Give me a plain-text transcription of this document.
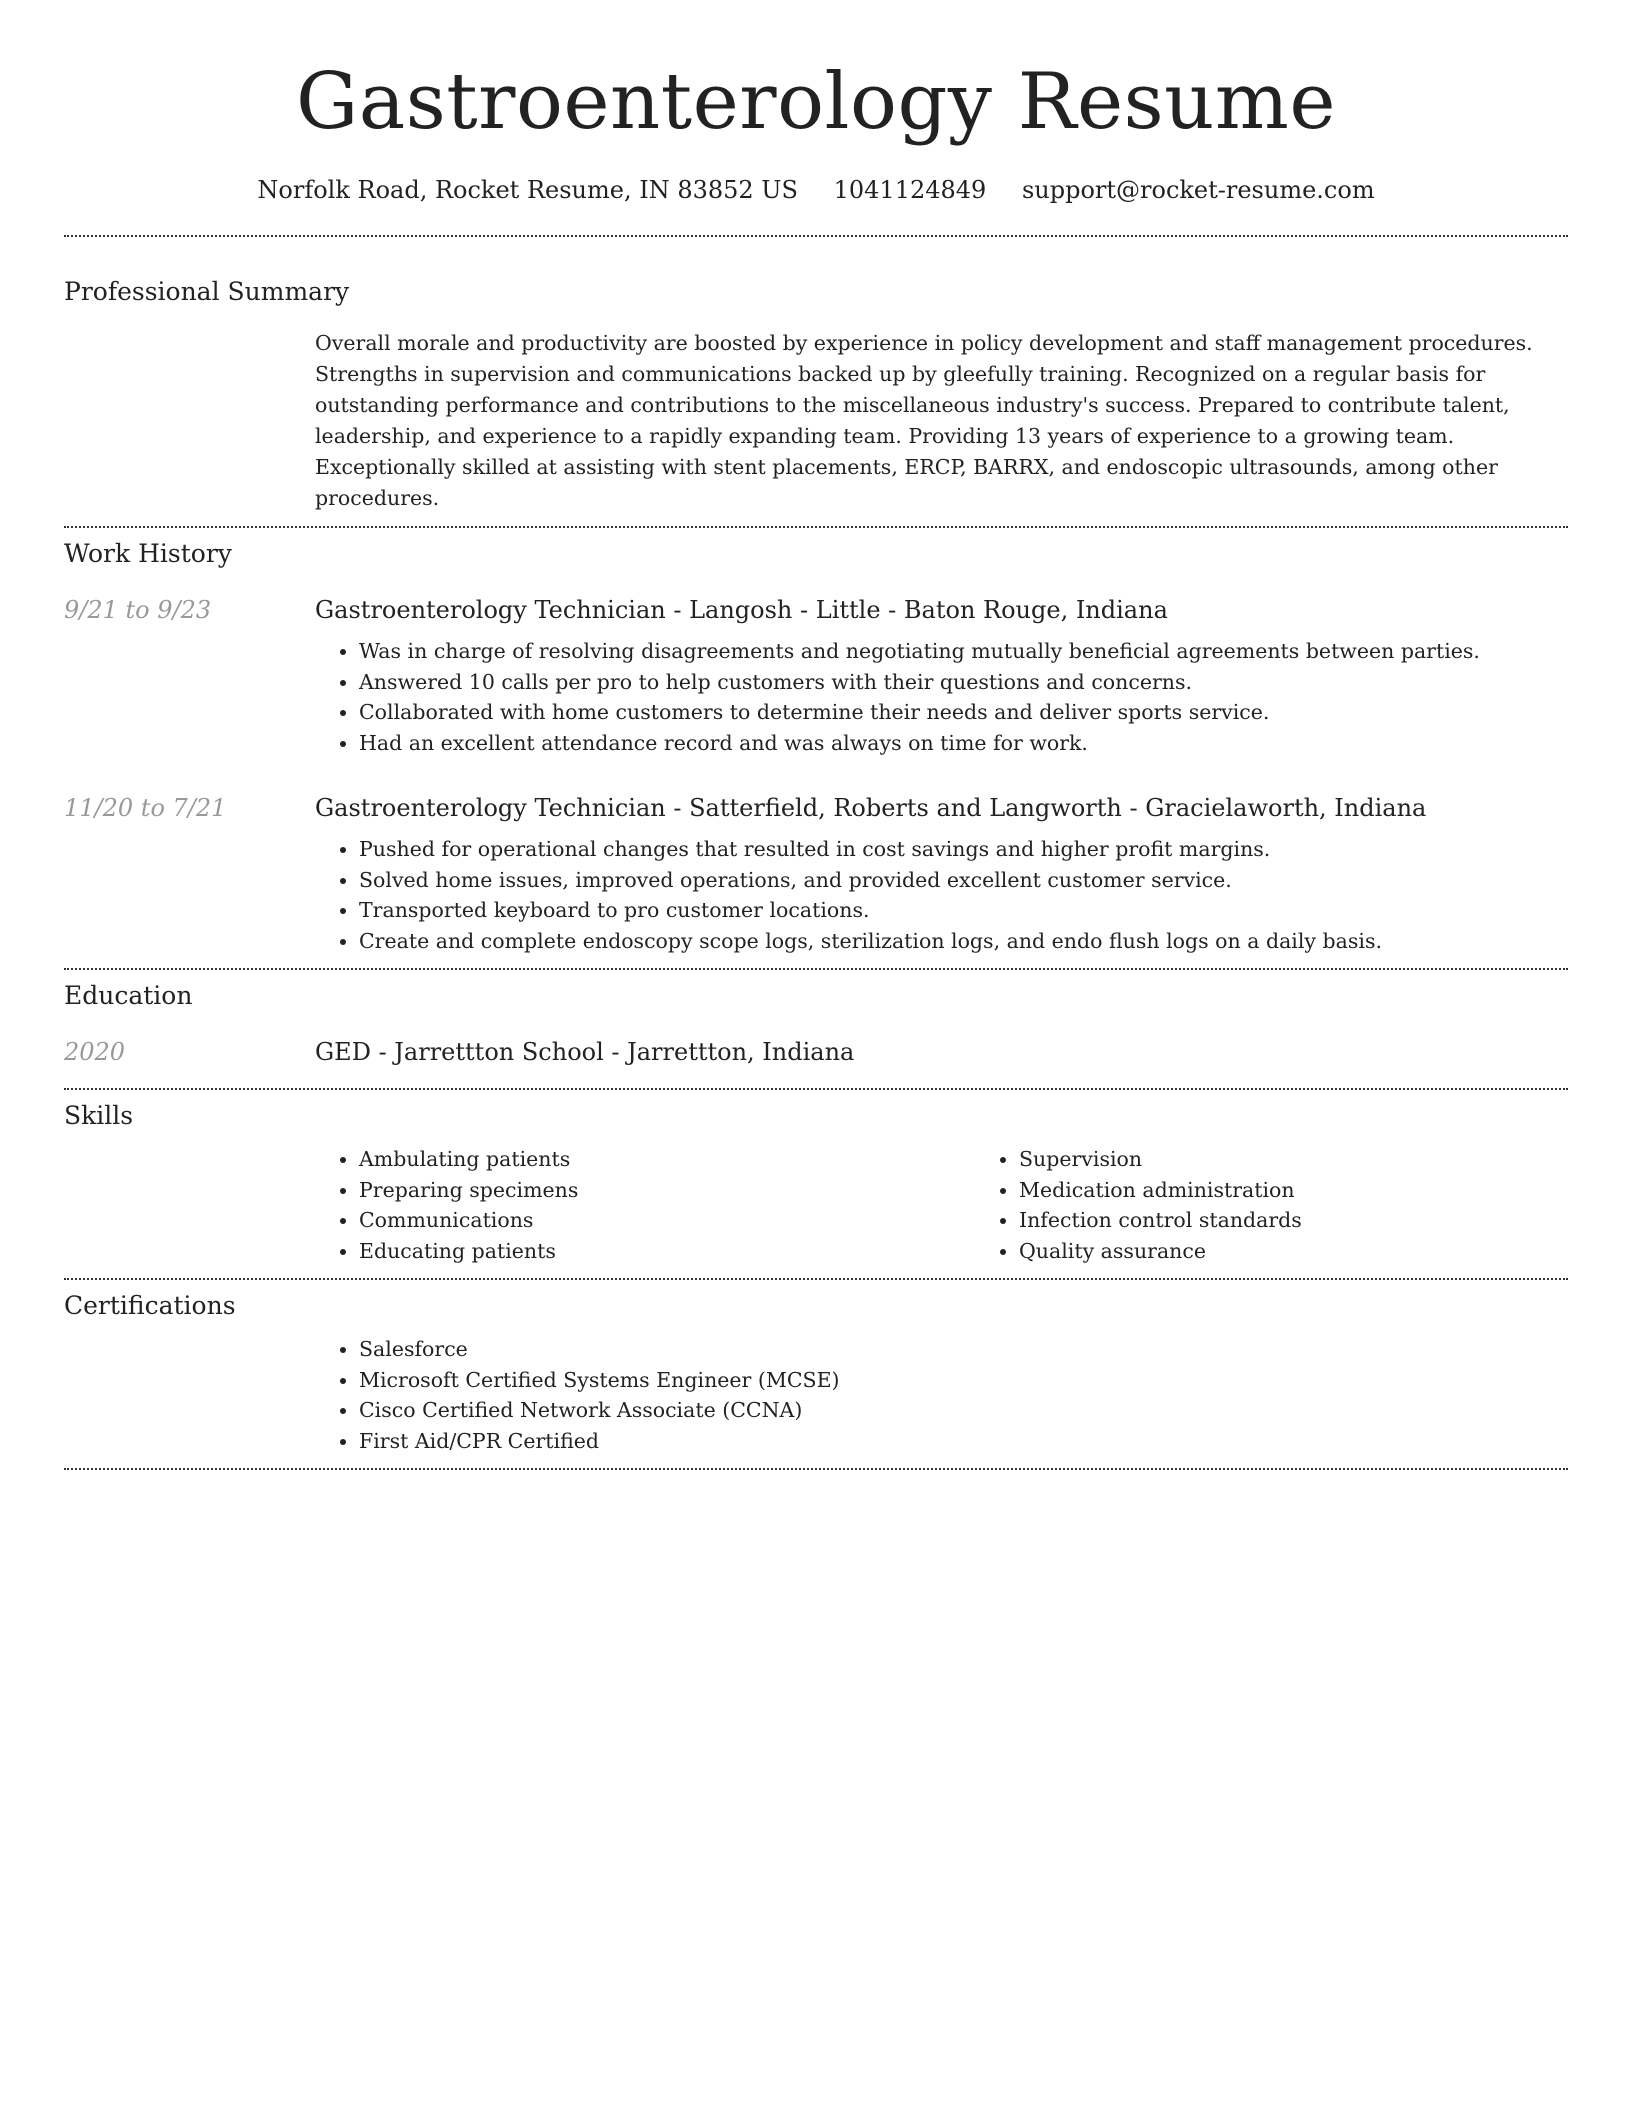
Gastroenterology Resume
Norfolk Road, Rocket Resume, IN 83852 US 1041124849 support@rocket-resume.com
Professional Summary

Overall morale and productivity are boosted by experience in policy development and staff management procedures. Strengths in supervision and communications backed up by gleefully training. Recognized on a regular basis for outstanding performance and contributions to the miscellaneous industry's success. Prepared to contribute talent, leadership, and experience to a rapidly expanding team. Providing 13 years of experience to a growing team. Exceptionally skilled at assisting with stent placements, ERCP, BARRX, and endoscopic ultrasounds, among other procedures.

Work History
9/21 to 9/23	Gastroenterology Technician - Langosh - Little - Baton Rouge, Indiana
• Was in charge of resolving disagreements and negotiating mutually beneficial agreements between parties.
• Answered 10 calls per pro to help customers with their questions and concerns.
• Collaborated with home customers to determine their needs and deliver sports service.
• Had an excellent attendance record and was always on time for work.
11/20 to 7/21	Gastroenterology Technician - Satterfield, Roberts and Langworth - Gracielaworth, Indiana
• Pushed for operational changes that resulted in cost savings and higher profit margins.
• Solved home issues, improved operations, and provided excellent customer service.
• Transported keyboard to pro customer locations.
• Create and complete endoscopy scope logs, sterilization logs, and endo flush logs on a daily basis.
Education
2020	GED - Jarrettton School - Jarrettton, Indiana
Skills
• Ambulating patients
• Preparing specimens
• Communications
• Educating patients
• Supervision
• Medication administration
• Infection control standards
• Quality assurance
Certifications
• Salesforce
• Microsoft Certified Systems Engineer (MCSE)
• Cisco Certified Network Associate (CCNA)
• First Aid/CPR Certified
